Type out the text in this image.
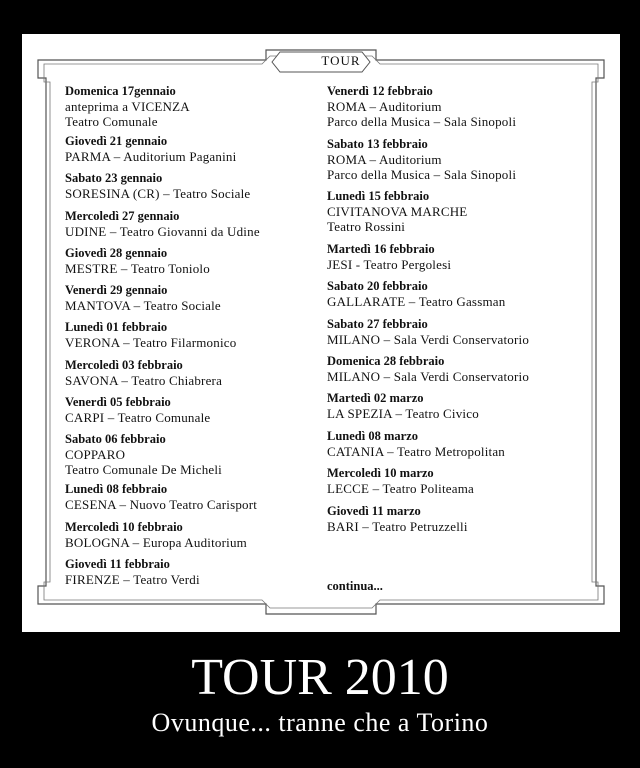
TOUR
Domenica 17gennaio
anteprima a VICENZA
Teatro Comunale
Giovedì 21 gennaio
PARMA – Auditorium Paganini
Sabato 23 gennaio
SORESINA (CR) – Teatro Sociale
Mercoledì 27 gennaio
UDINE – Teatro Giovanni da Udine
Giovedì 28 gennaio
MESTRE – Teatro Toniolo
Venerdì 29 gennaio
MANTOVA – Teatro Sociale
Lunedì 01 febbraio
VERONA – Teatro Filarmonico
Mercoledì 03 febbraio
SAVONA – Teatro Chiabrera
Venerdì 05 febbraio
CARPI – Teatro Comunale
Sabato 06 febbraio
COPPARO
Teatro Comunale De Micheli
Lunedì 08 febbraio
CESENA – Nuovo Teatro Carisport
Mercoledì 10 febbraio
BOLOGNA – Europa Auditorium
Giovedì 11 febbraio
FIRENZE – Teatro Verdi
Venerdì 12 febbraio
ROMA – Auditorium
Parco della Musica – Sala Sinopoli
Sabato 13 febbraio
ROMA – Auditorium
Parco della Musica – Sala Sinopoli
Lunedì 15 febbraio
CIVITANOVA MARCHE
Teatro Rossini
Martedì 16 febbraio
JESI - Teatro Pergolesi
Sabato 20 febbraio
GALLARATE – Teatro Gassman
Sabato 27 febbraio
MILANO – Sala Verdi Conservatorio
Domenica 28 febbraio
MILANO – Sala Verdi Conservatorio
Martedì 02 marzo
LA SPEZIA – Teatro Civico
Lunedì 08 marzo
CATANIA – Teatro Metropolitan
Mercoledì 10 marzo
LECCE – Teatro Politeama
Giovedì 11 marzo
BARI – Teatro Petruzzelli
continua...
TOUR 2010
Ovunque... tranne che a Torino
